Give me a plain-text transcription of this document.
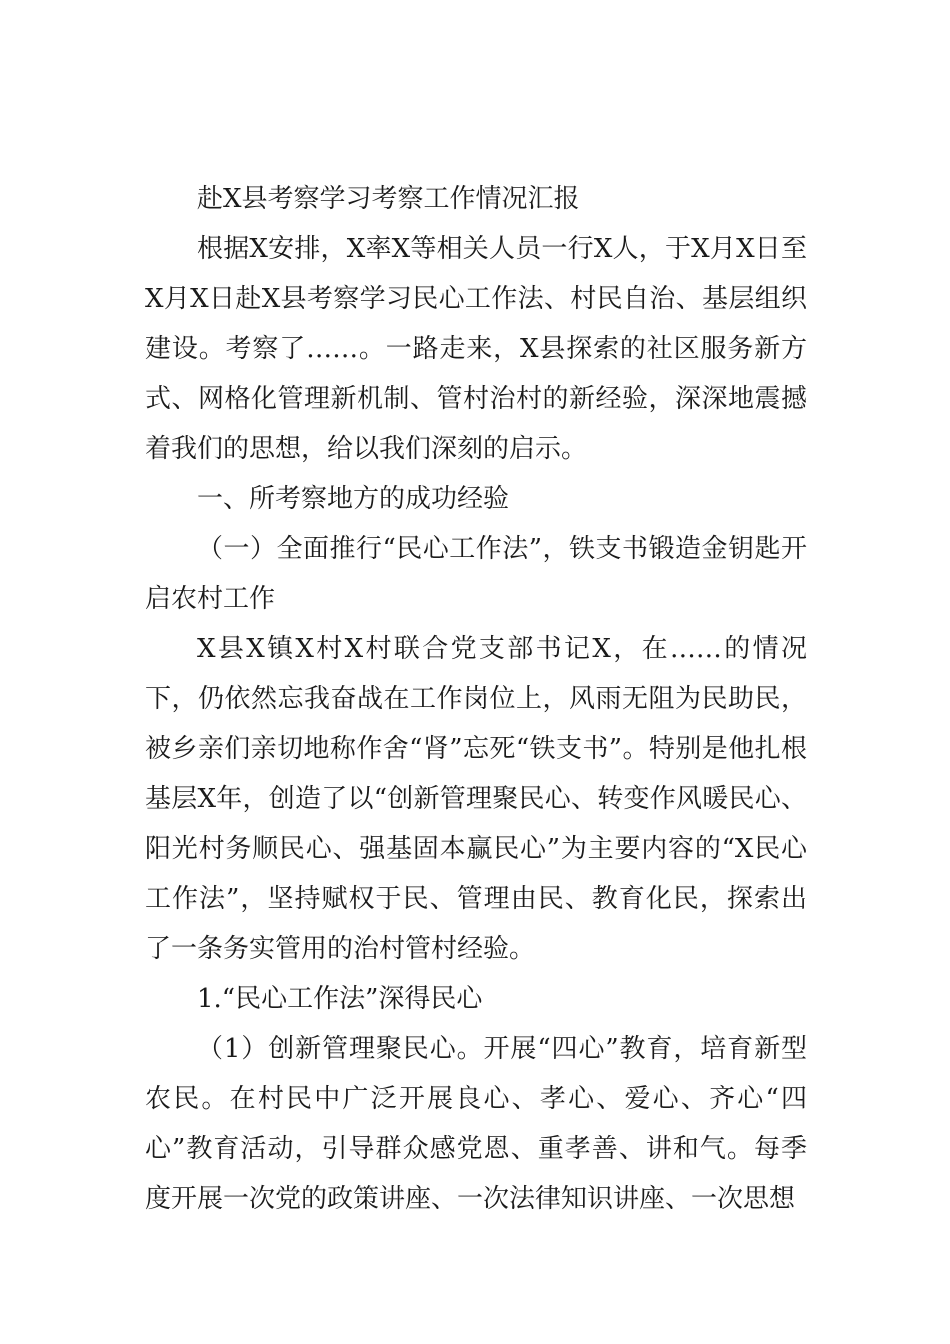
赴X县考察学习考察工作情况汇报

根据X安排，X率X等相关人员一行X人，于X月X日至X月X日赴X县考察学习民心工作法、村民自治、基层组织建设。考察了……。一路走来，X县探索的社区服务新方式、网格化管理新机制、管村治村的新经验，深深地震撼着我们的思想，给以我们深刻的启示。

一、所考察地方的成功经验

（一）全面推行“民心工作法”，铁支书锻造金钥匙开启农村工作

X县X镇X村X村联合党支部书记X，在……的情况下，仍依然忘我奋战在工作岗位上，风雨无阻为民助民，被乡亲们亲切地称作舍“肾”忘死“铁支书”。特别是他扎根基层X年，创造了以“创新管理聚民心、转变作风暖民心、阳光村务顺民心、强基固本赢民心”为主要内容的“X民心工作法”，坚持赋权于民、管理由民、教育化民，探索出了一条务实管用的治村管村经验。

1.“民心工作法”深得民心

（1）创新管理聚民心。开展“四心”教育，培育新型农民。在村民中广泛开展良心、孝心、爱心、齐心“四心”教育活动，引导群众感党恩、重孝善、讲和气。每季度开展一次党的政策讲座、一次法律知识讲座、一次思想
